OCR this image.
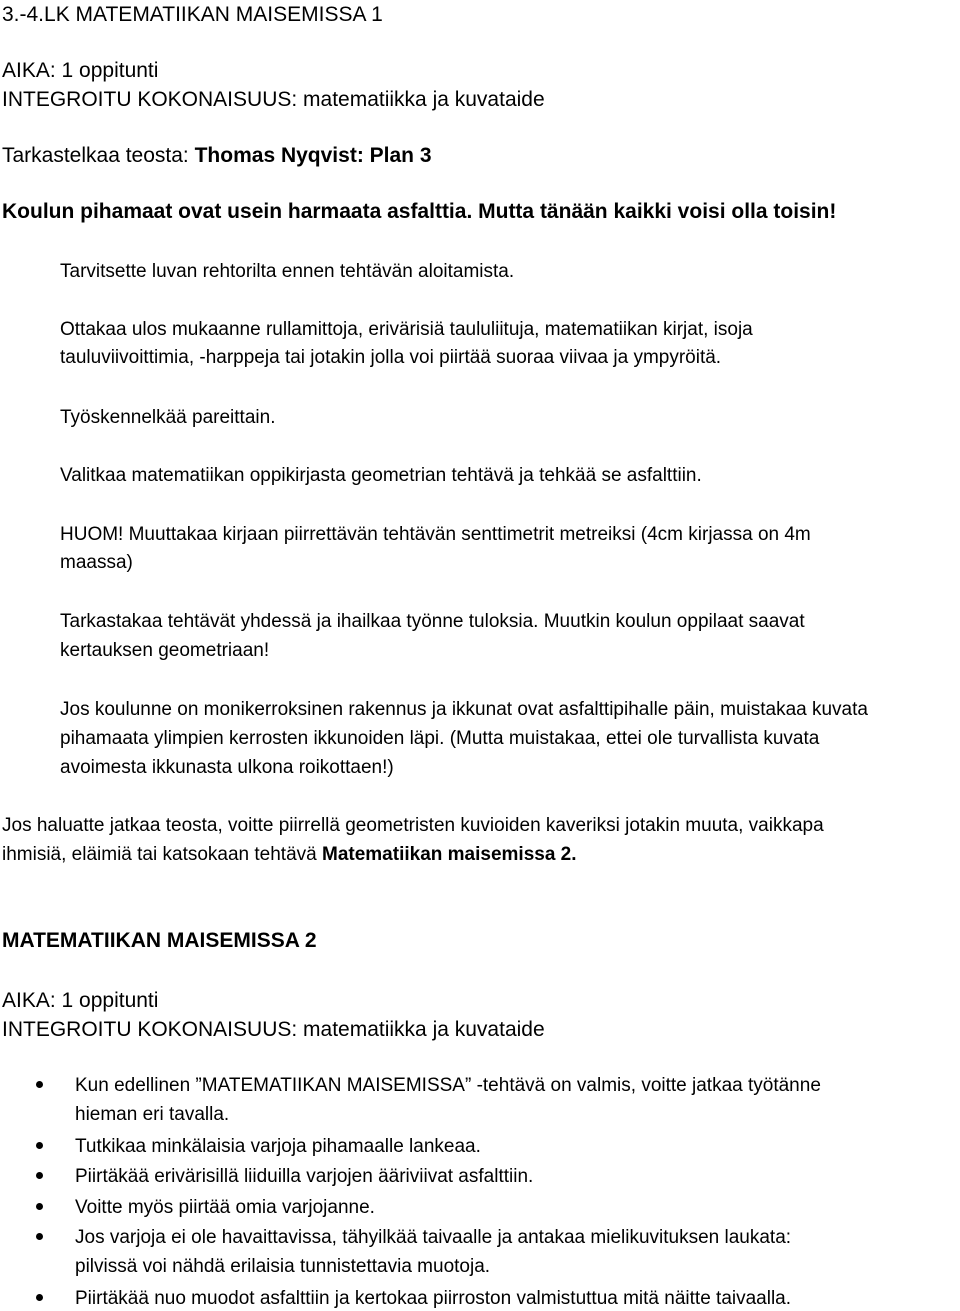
3.-4.LK MATEMATIIKAN MAISEMISSA 1
AIKA: 1 oppitunti
INTEGROITU KOKONAISUUS: matematiikka ja kuvataide
Tarkastelkaa teosta: Thomas Nyqvist: Plan 3
Koulun pihamaat ovat usein harmaata asfalttia. Mutta tänään kaikki voisi olla toisin!
Tarvitsette luvan rehtorilta ennen tehtävän aloitamista.
Ottakaa ulos mukaanne rullamittoja, erivärisiä taululiituja, matematiikan kirjat, isoja
tauluviivoittimia, -harppeja tai jotakin jolla voi piirtää suoraa viivaa ja ympyröitä.
Työskennelkää pareittain.
Valitkaa matematiikan oppikirjasta geometrian tehtävä ja tehkää se asfalttiin.
HUOM! Muuttakaa kirjaan piirrettävän tehtävän senttimetrit metreiksi (4cm kirjassa on 4m
maassa)
Tarkastakaa tehtävät yhdessä ja ihailkaa työnne tuloksia. Muutkin koulun oppilaat saavat
kertauksen geometriaan!
Jos koulunne on monikerroksinen rakennus ja ikkunat ovat asfalttipihalle päin, muistakaa kuvata
pihamaata ylimpien kerrosten ikkunoiden läpi. (Mutta muistakaa, ettei ole turvallista kuvata
avoimesta ikkunasta ulkona roikottaen!)
Jos haluatte jatkaa teosta, voitte piirrellä geometristen kuvioiden kaveriksi jotakin muuta, vaikkapa
ihmisiä, eläimiä tai katsokaan tehtävä Matematiikan maisemissa 2.
MATEMATIIKAN MAISEMISSA 2
AIKA: 1 oppitunti
INTEGROITU KOKONAISUUS: matematiikka ja kuvataide
Kun edellinen ”MATEMATIIKAN MAISEMISSA” -tehtävä on valmis, voitte jatkaa työtänne
hieman eri tavalla.
Tutkikaa minkälaisia varjoja pihamaalle lankeaa.
Piirtäkää erivärisillä liiduilla varjojen ääriviivat asfalttiin.
Voitte myös piirtää omia varjojanne.
Jos varjoja ei ole havaittavissa, tähyilkää taivaalle ja antakaa mielikuvituksen laukata:
pilvissä voi nähdä erilaisia tunnistettavia muotoja.
Piirtäkää nuo muodot asfalttiin ja kertokaa piirroston valmistuttua mitä näitte taivaalla.
